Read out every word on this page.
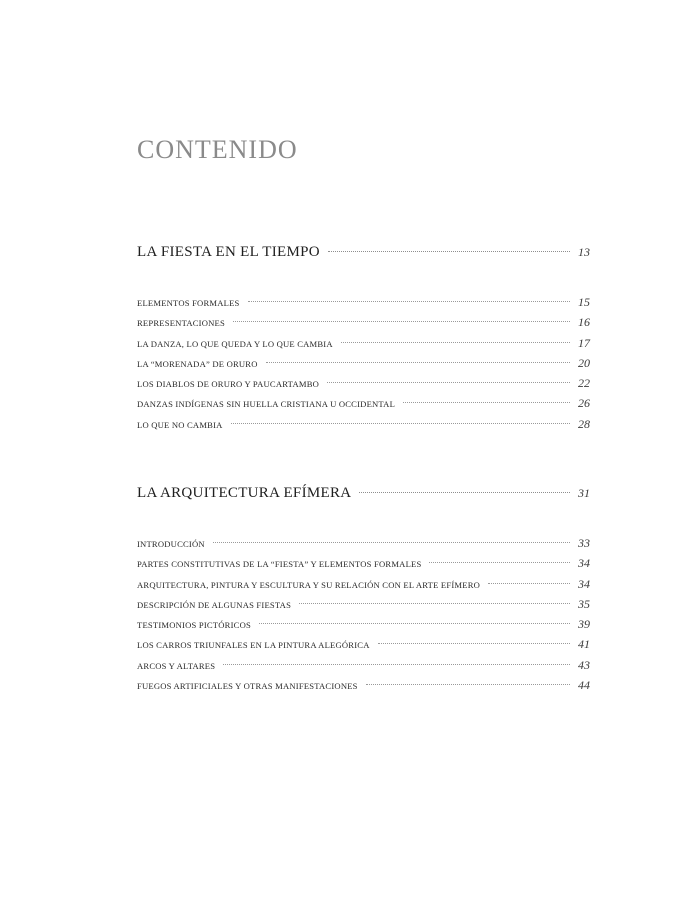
CONTENIDO
LA FIESTA EN EL TIEMPO	13
ELEMENTOS FORMALES	15
REPRESENTACIONES	16
LA DANZA, LO QUE QUEDA Y LO QUE CAMBIA	17
LA “MORENADA” DE ORURO	20
LOS DIABLOS DE ORURO Y PAUCARTAMBO	22
DANZAS INDÍGENAS SIN HUELLA CRISTIANA U OCCIDENTAL	26
LO QUE NO CAMBIA	28
LA ARQUITECTURA EFÍMERA	31
INTRODUCCIÓN	33
PARTES CONSTITUTIVAS DE LA “FIESTA” Y ELEMENTOS FORMALES	34
ARQUITECTURA, PINTURA Y ESCULTURA Y SU RELACIÓN CON EL ARTE EFÍMERO	34
DESCRIPCIÓN DE ALGUNAS FIESTAS	35
TESTIMONIOS PICTÓRICOS	39
LOS CARROS TRIUNFALES EN LA PINTURA ALEGÓRICA	41
ARCOS Y ALTARES	43
FUEGOS ARTIFICIALES Y OTRAS MANIFESTACIONES	44
